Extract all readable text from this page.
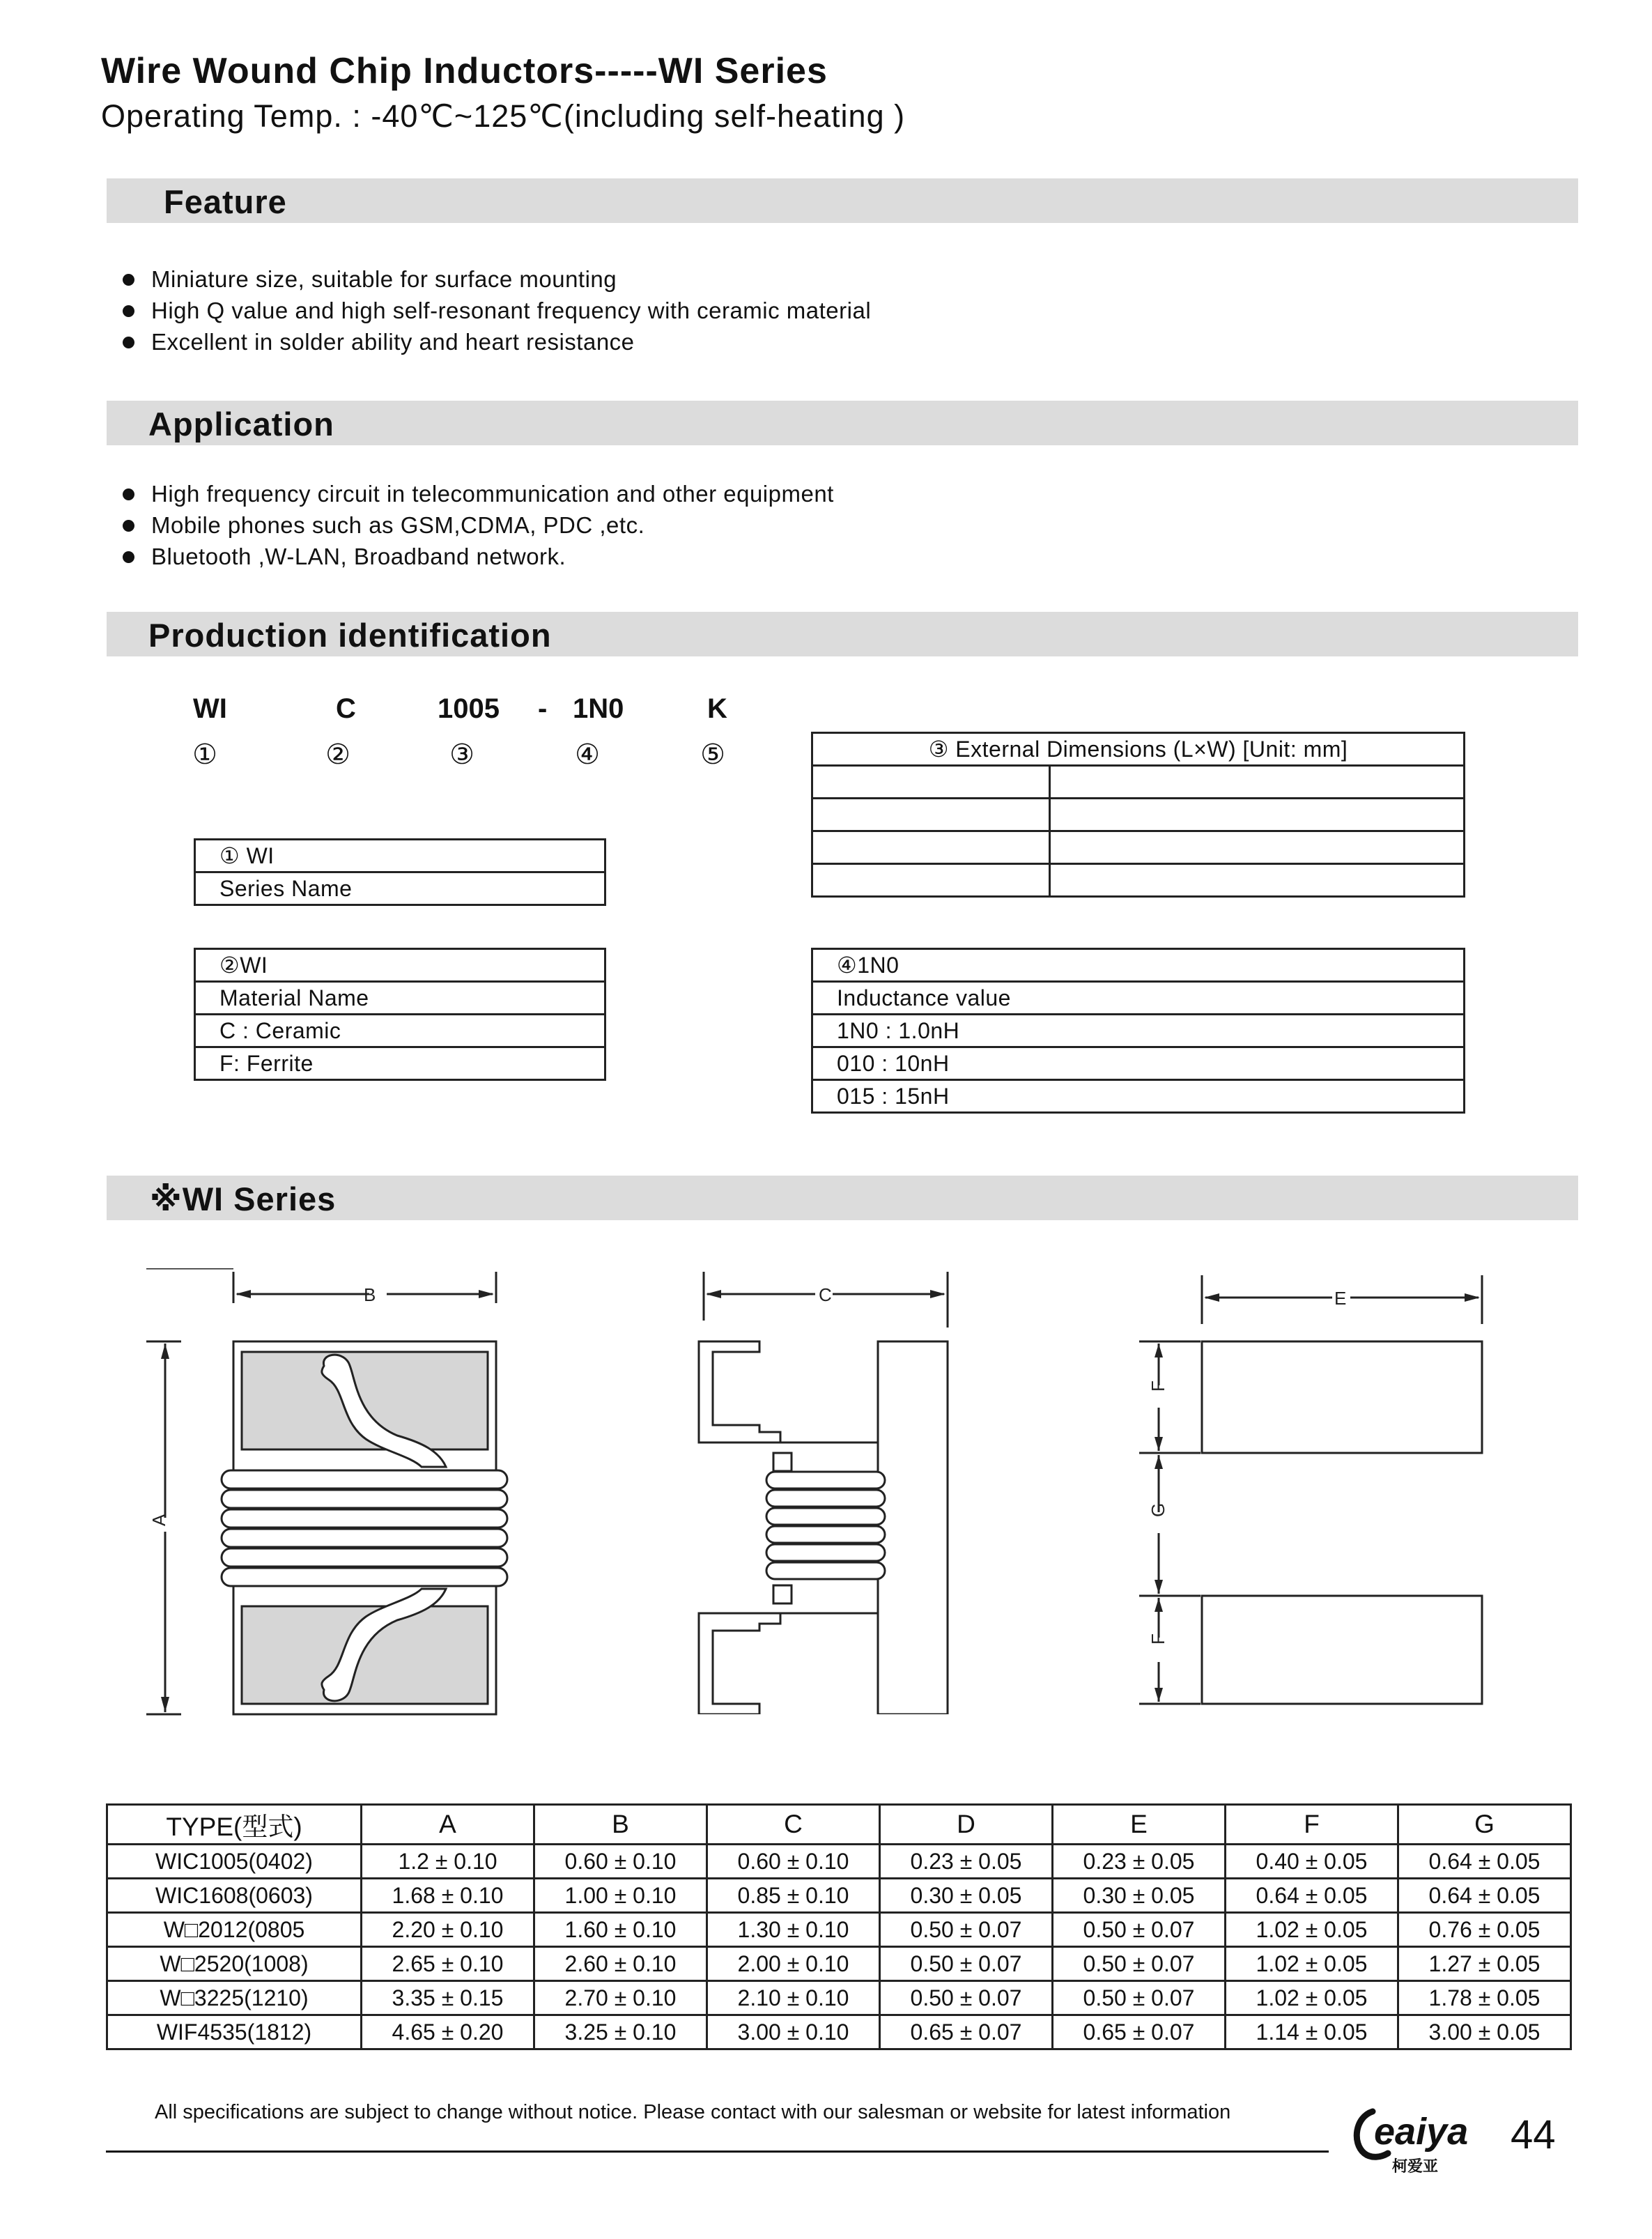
Wire Wound Chip Inductors-----WI Series
Operating Temp. : -40℃~125℃(including self-heating )
Feature
Miniature size, suitable for surface mounting
High Q value and high self-resonant frequency with ceramic material
Excellent in solder ability and heart resistance
Application
High frequency circuit in telecommunication and other equipment
Mobile phones such as GSM,CDMA, PDC ,etc.
Bluetooth ,W-LAN, Broadband network.
Production identification
WI	C	1005 - 1N0	K
①	②	③	④	⑤
① WI
Series Name
②WI
Material Name
C : Ceramic
F: Ferrite
③ External Dimensions (L×W) [Unit: mm]	

④1N0
Inductance value
1N0 : 1.0nH
010 : 10nH
015 : 15nH
※WI Series
B
A
C	E
F
G
F
TYPE(型式)	A	B	C	D	E	F	G
WIC1005(0402)	1.2 ± 0.10	0.60 ± 0.10	0.60 ± 0.10	0.23 ± 0.05	0.23 ± 0.05	0.40 ± 0.05	0.64 ± 0.05
WIC1608(0603)	1.68 ± 0.10	1.00 ± 0.10	0.85 ± 0.10	0.30 ± 0.05	0.30 ± 0.05	0.64 ± 0.05	0.64 ± 0.05
W□2012(0805	2.20 ± 0.10	1.60 ± 0.10	1.30 ± 0.10	0.50 ± 0.07	0.50 ± 0.07	1.02 ± 0.05	0.76 ± 0.05
W□2520(1008)	2.65 ± 0.10	2.60 ± 0.10	2.00 ± 0.10	0.50 ± 0.07	0.50 ± 0.07	1.02 ± 0.05	1.27 ± 0.05
W□3225(1210)	3.35 ± 0.15	2.70 ± 0.10	2.10 ± 0.10	0.50 ± 0.07	0.50 ± 0.07	1.02 ± 0.05	1.78 ± 0.05
WIF4535(1812)	4.65 ± 0.20	3.25 ± 0.10	3.00 ± 0.10	0.65 ± 0.07	0.65 ± 0.07	1.14 ± 0.05	3.00 ± 0.05
All specifications are subject to change without notice. Please contact with our salesman or website for latest information	eaiya
柯爱亚
44
